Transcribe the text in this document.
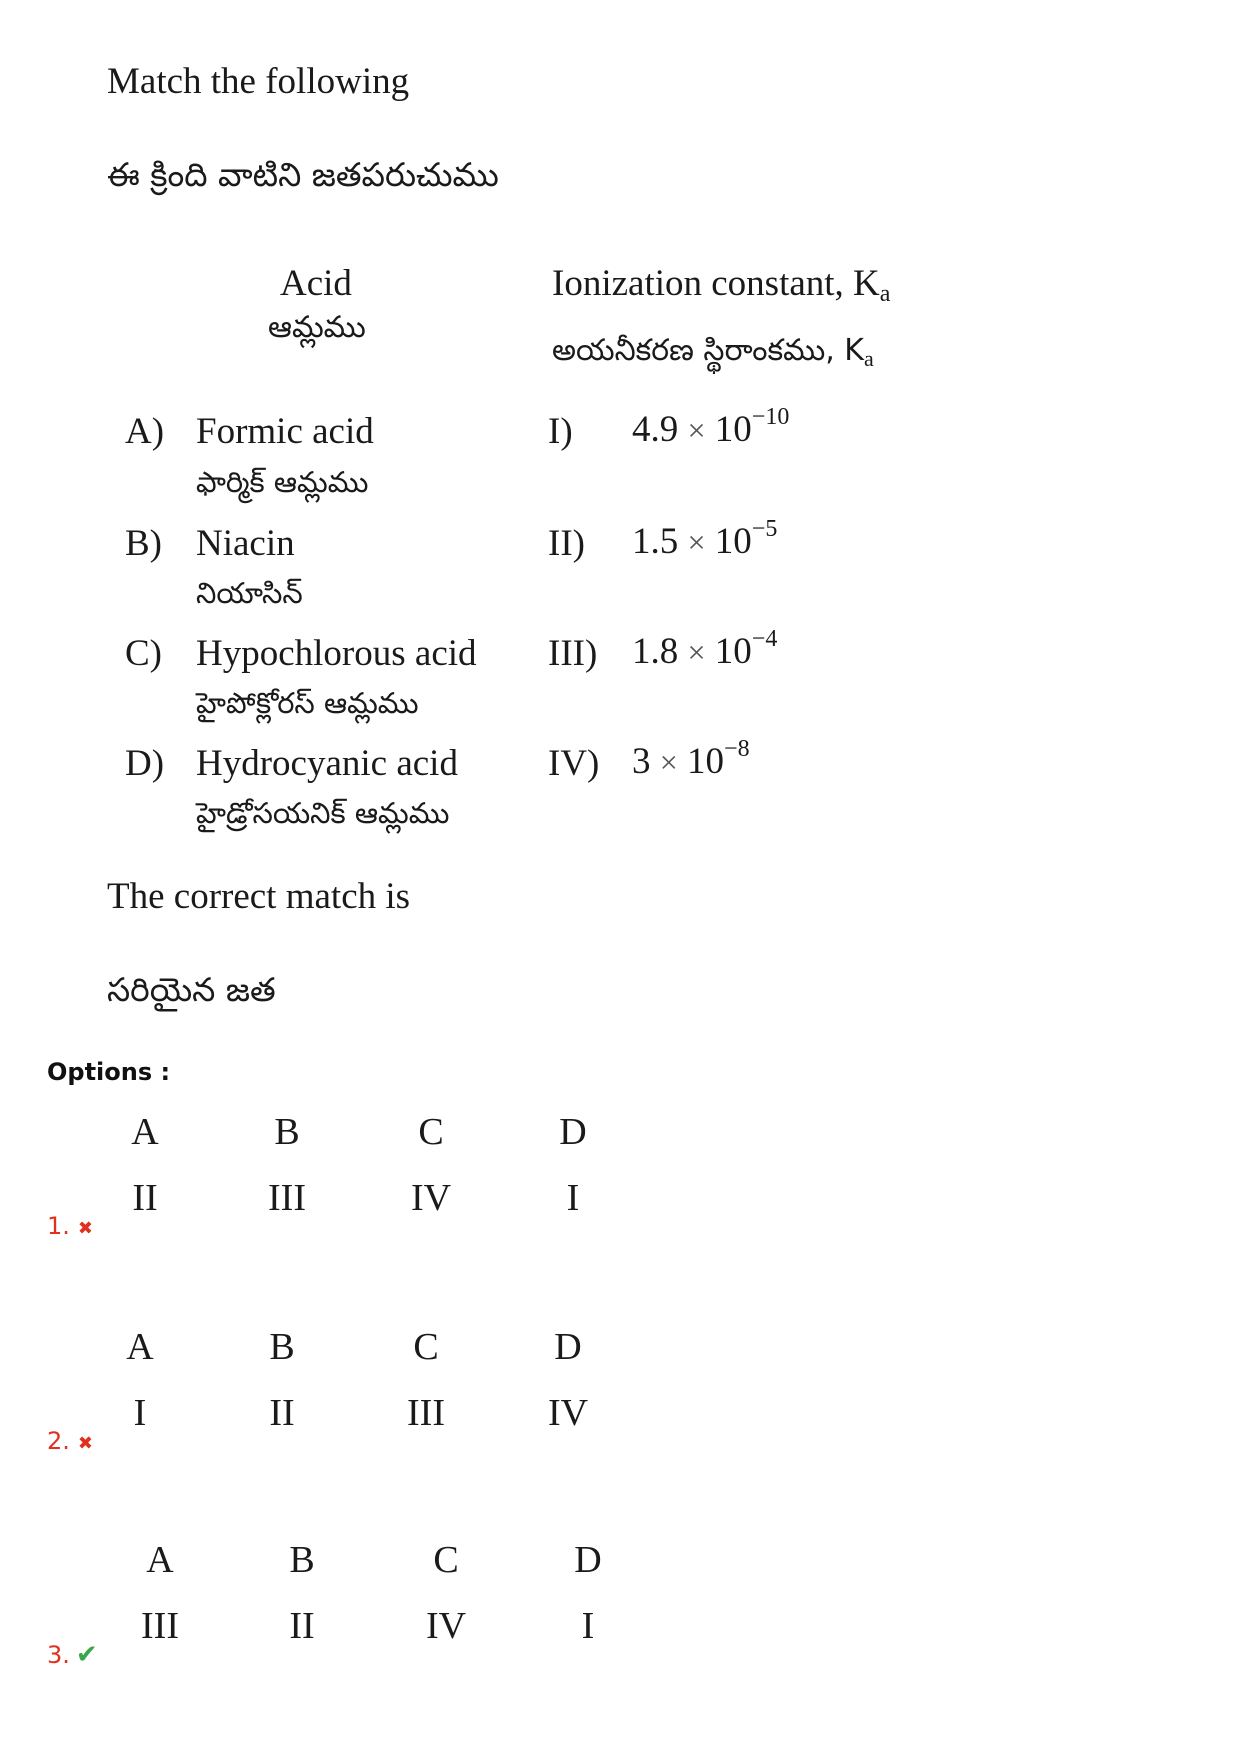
Match the following
ఈ క్రింది వాటిని జతపరుచుము
Acid
ఆమ్లము
Ionization constant, $K_a$
అయనీకరణ స్థిరాంకము, $K_a$
A) Formic acid
ఫార్మిక్ ఆమ్లము
I) $4.9 \times 10^{-10}$
B) Niacin
నియాసిన్
II) $1.5 \times 10^{-5}$
C) Hypochlorous acid
హైపోక్లోరస్ ఆమ్లము
III) $1.8 \times 10^{-4}$
D) Hydrocyanic acid
హైడ్రోసయనిక్ ఆమ్లము
IV) $3 \times 10^{-8}$
The correct match is
సరియైన జత
Options :
A	B	C	D
II	III	IV	I
1. ✖
A	B	C	D
I	II	III	IV
2. ✖
A	B	C	D
III	II	IV	I
3. ✔
